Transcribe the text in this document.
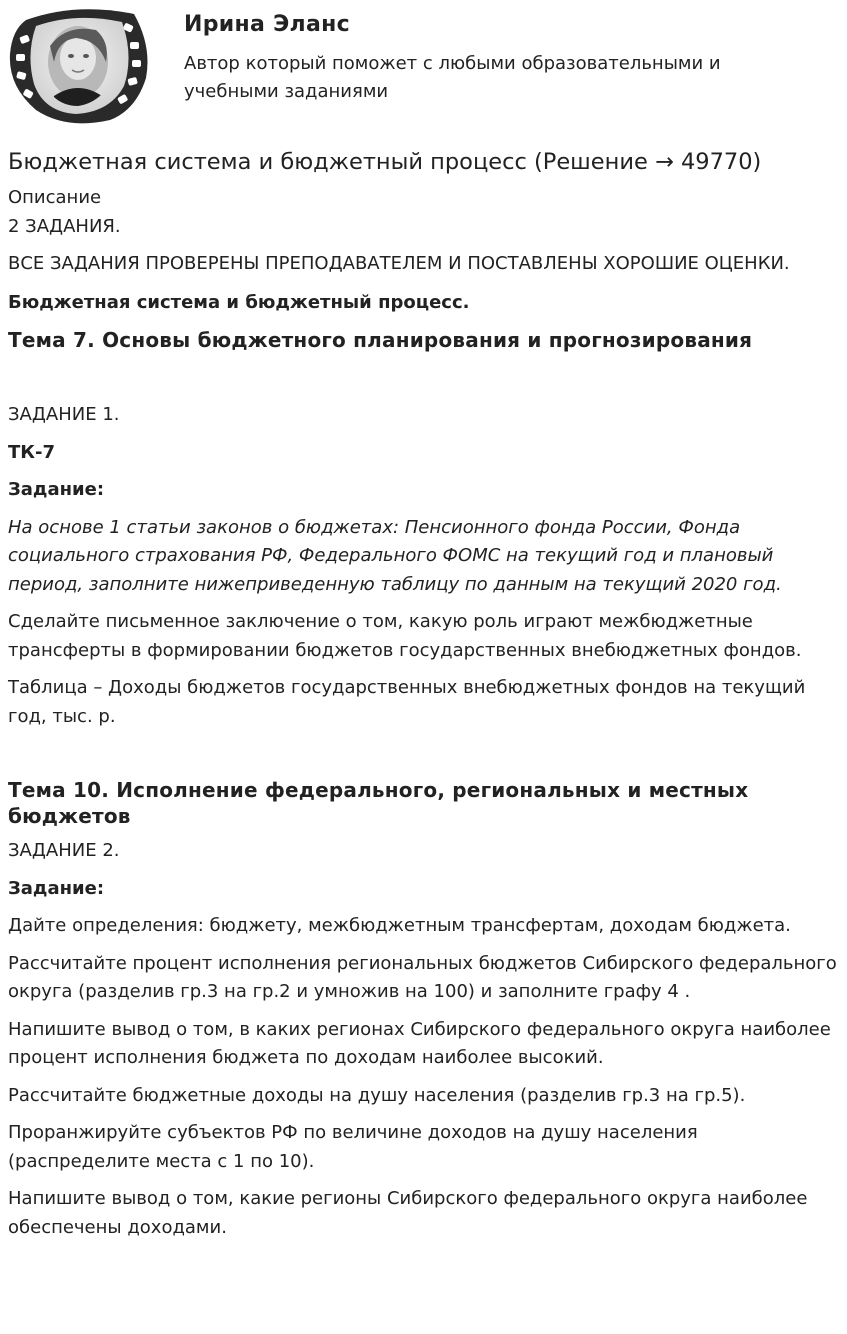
Ирина Эланс

Автор который поможет с любыми образовательными и учебными заданиями

Бюджетная система и бюджетный процесс (Решение → 49770)

Описание

2 ЗАДАНИЯ.

ВСЕ ЗАДАНИЯ ПРОВЕРЕНЫ ПРЕПОДАВАТЕЛЕМ И ПОСТАВЛЕНЫ ХОРОШИЕ ОЦЕНКИ.

Бюджетная система и бюджетный процесс.

Тема 7. Основы бюджетного планирования и прогнозирования

ЗАДАНИЕ 1.

ТК-7

Задание:

На основе 1 статьи законов о бюджетах: Пенсионного фонда России, Фонда социального страхования РФ, Федерального ФОМС на текущий год и плановый период, заполните нижеприведенную таблицу по данным на текущий 2020 год.

Сделайте письменное заключение о том, какую роль играют межбюджетные трансферты в формировании бюджетов государственных внебюджетных фондов.

Таблица – Доходы бюджетов государственных внебюджетных фондов на текущий год, тыс. р.

Тема 10. Исполнение федерального, региональных и местных бюджетов

ЗАДАНИЕ 2.

Задание:

Дайте определения: бюджету, межбюджетным трансфертам, доходам бюджета.

Рассчитайте процент исполнения региональных бюджетов Сибирского федерального округа (разделив гр.3 на гр.2 и умножив на 100) и заполните графу 4 .

Напишите вывод о том, в каких регионах Сибирского федерального округа наиболее процент исполнения бюджета по доходам наиболее высокий.

Рассчитайте бюджетные доходы на душу населения (разделив гр.3 на гр.5).

Проранжируйте субъектов РФ по величине доходов на душу населения (распределите места с 1 по 10).

Напишите вывод о том, какие регионы Сибирского федерального округа наиболее обеспечены доходами.
